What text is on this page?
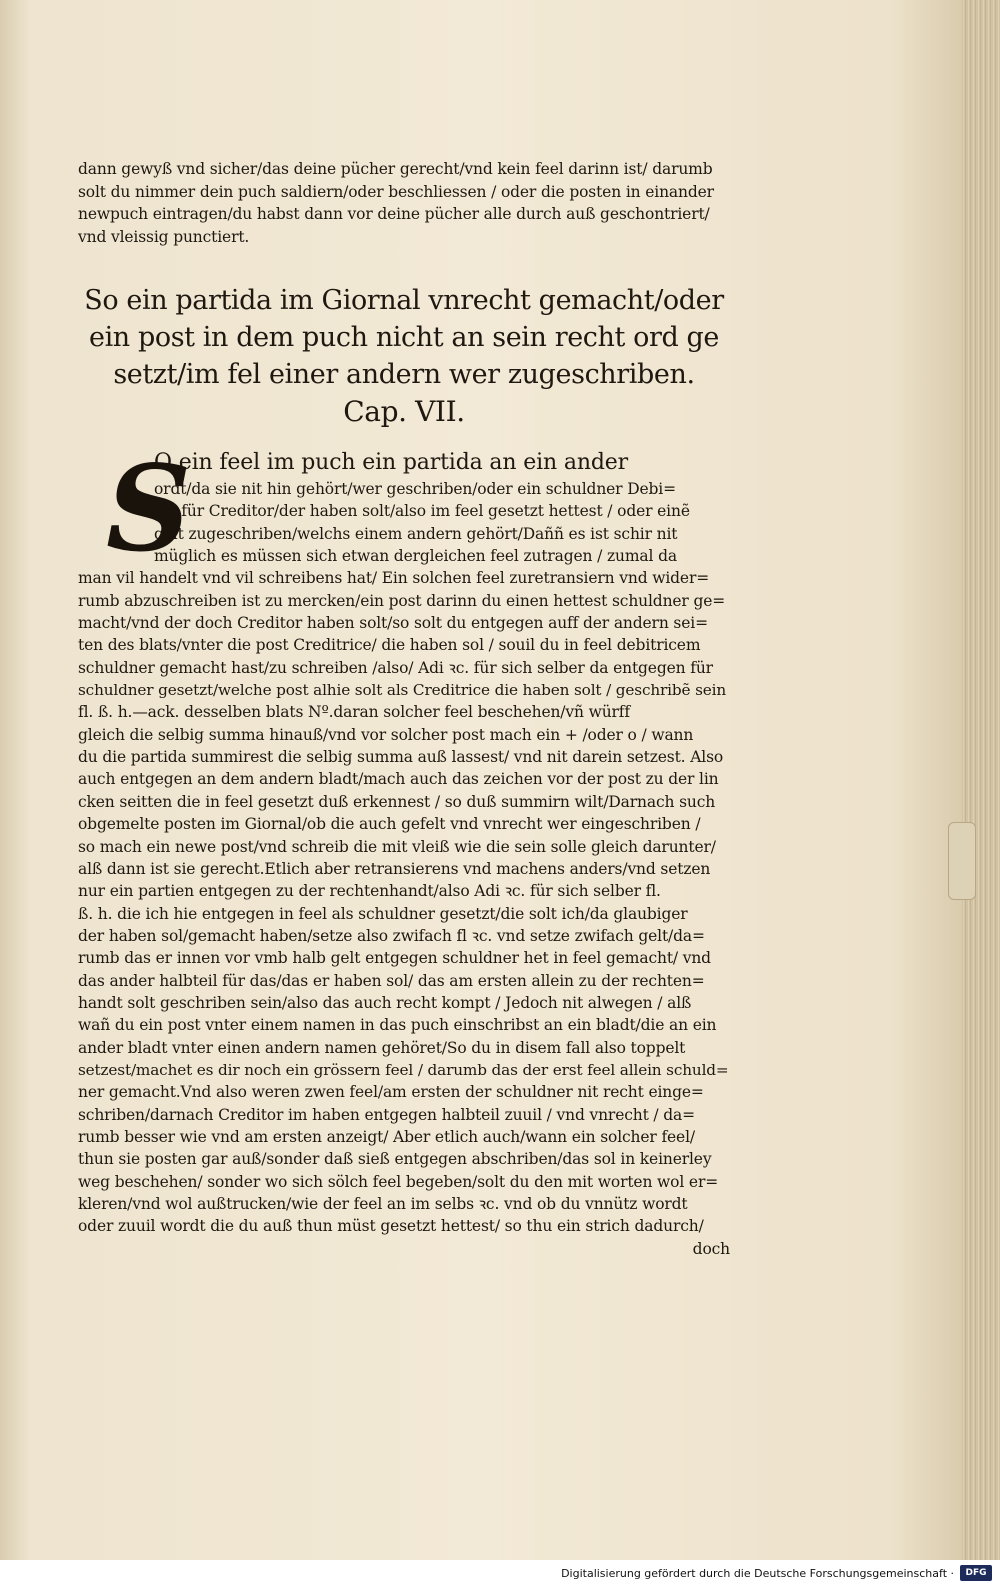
dann gewyß vnd sicher/das deine pücher gerecht/vnd kein feel darinn ist/ darumb
solt du nimmer dein puch saldiern/oder beschliessen / oder die posten in einander
newpuch eintragen/du habst dann vor deine pücher alle durch auß geschontriert/
vnd vleissig punctiert.
So ein partida im Giornal vnrecht gemacht/oder
ein post in dem puch nicht an sein recht ord ge
setzt/im fel einer andern wer zugeschriben.
Cap. VII.
S
O ein feel im puch ein partida an ein ander
ordt/da sie nit hin gehört/wer geschriben/oder ein schuldner Debi=
tor für Creditor/der haben solt/also im feel gesetzt hettest / oder einẽ
gelt zugeschriben/welchs einem andern gehört/Daññ es ist schir nit
müglich es müssen sich etwan dergleichen feel zutragen / zumal da
man vil handelt vnd vil schreibens hat/ Ein solchen feel zuretransiern vnd wider=
rumb abzuschreiben ist zu mercken/ein post darinn du einen hettest schuldner ge=
macht/vnd der doch Creditor haben solt/so solt du entgegen auff der andern sei=
ten des blats/vnter die post Creditrice/ die haben sol / souil du in feel debitricem
schuldner gemacht hast/zu schreiben /also/ Adi ꝛc. für sich selber da entgegen für
schuldner gesetzt/welche post alhie solt als Creditrice die haben solt / geschribẽ sein
fl. ß. h.—ack. desselben blats Nº.daran solcher feel beschehen/vñ würff
gleich die selbig summa hinauß/vnd vor solcher post mach ein + /oder o / wann
du die partida summirest die selbig summa auß lassest/ vnd nit darein setzest. Also
auch entgegen an dem andern bladt/mach auch das zeichen vor der post zu der lin
cken seitten die in feel gesetzt duß erkennest / so duß summirn wilt/Darnach such
obgemelte posten im Giornal/ob die auch gefelt vnd vnrecht wer eingeschriben /
so mach ein newe post/vnd schreib die mit vleiß wie die sein solle gleich darunter/
alß dann ist sie gerecht.Etlich aber retransierens vnd machens anders/vnd setzen
nur ein partien entgegen zu der rechtenhandt/also Adi ꝛc. für sich selber fl.
ß. h. die ich hie entgegen in feel als schuldner gesetzt/die solt ich/da glaubiger
der haben sol/gemacht haben/setze also zwifach fl ꝛc. vnd setze zwifach gelt/da=
rumb das er innen vor vmb halb gelt entgegen schuldner het in feel gemacht/ vnd
das ander halbteil für das/das er haben sol/ das am ersten allein zu der rechten=
handt solt geschriben sein/also das auch recht kompt / Jedoch nit alwegen / alß
wañ du ein post vnter einem namen in das puch einschribst an ein bladt/die an ein
ander bladt vnter einen andern namen gehöret/So du in disem fall also toppelt
setzest/machet es dir noch ein grössern feel / darumb das der erst feel allein schuld=
ner gemacht.Vnd also weren zwen feel/am ersten der schuldner nit recht einge=
schriben/darnach Creditor im haben entgegen halbteil zuuil / vnd vnrecht / da=
rumb besser wie vnd am ersten anzeigt/ Aber etlich auch/wann ein solcher feel/
thun sie posten gar auß/sonder daß sieß entgegen abschriben/das sol in keinerley
weg beschehen/ sonder wo sich sölch feel begeben/solt du den mit worten wol er=
kleren/vnd wol außtrucken/wie der feel an im selbs ꝛc. vnd ob du vnnütz wordt
oder zuuil wordt die du auß thun müst gesetzt hettest/ so thu ein strich dadurch/
doch
Digitalisierung gefördert durch die Deutsche Forschungsgemeinschaft ·	DFG
